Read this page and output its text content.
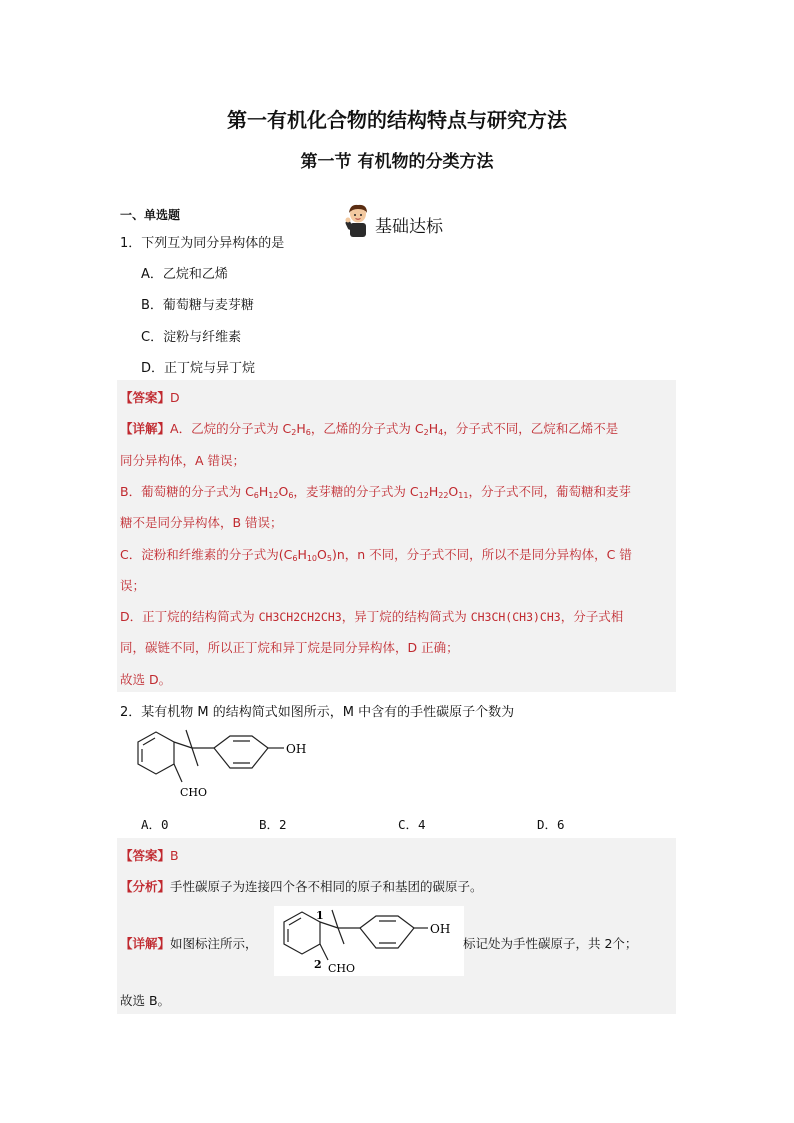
第一有机化合物的结构特点与研究方法
第一节 有机物的分类方法
一、单选题
基础达标
1．下列互为同分异构体的是
A．乙烷和乙烯
B．葡萄糖与麦芽糖
C．淀粉与纤维素
D．正丁烷与异丁烷
【答案】D
【详解】A．乙烷的分子式为 $C_2H_6$，乙烯的分子式为 $C_2H_4$，分子式不同，乙烷和乙烯不是
同分异构体，A 错误；
B．葡萄糖的分子式为 $C_6H_{12}O_6$，麦芽糖的分子式为 $C_{12}H_{22}O_{11}$，分子式不同，葡萄糖和麦芽
糖不是同分异构体，B 错误；
C．淀粉和纤维素的分子式为$(C_6H_{10}O_5)n$，n 不同，分子式不同，所以不是同分异构体，C 错
误；
D．正丁烷的结构简式为 CH3CH2CH2CH3，异丁烷的结构简式为 CH3CH(CH3)CH3，分子式相
同，碳链不同，所以正丁烷和异丁烷是同分异构体，D 正确；
故选 D。
2．某有机物 M 的结构简式如图所示，M 中含有的手性碳原子个数为
OH
CHO
A．0	B．2	C．4	D．6
【答案】B
【分析】手性碳原子为连接四个各不相同的原子和基团的碳原子。
【详解】如图标注所示，
1
2
OH
CHO
标记处为手性碳原子，共 2个；
故选 B。
